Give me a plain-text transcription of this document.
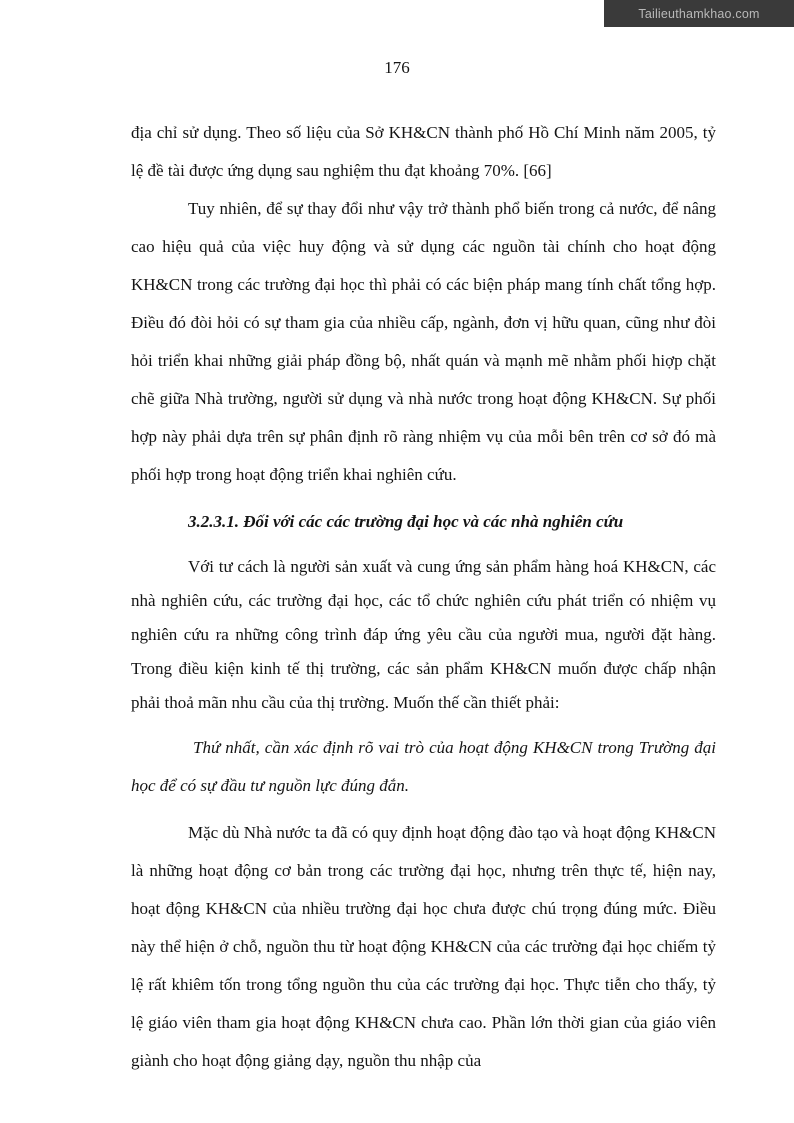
Tailieuthamkhao.com
176

địa chỉ sử dụng. Theo số liệu của Sở KH&CN thành phố Hồ Chí Minh năm 2005, tỷ lệ đề tài được ứng dụng sau nghiệm thu đạt khoảng 70%. [66]

Tuy nhiên, để sự thay đổi như vậy trở thành phổ biến trong cả nước, để nâng cao hiệu quả của việc huy động và sử dụng các nguồn tài chính cho hoạt động KH&CN trong các trường đại học thì phải có các biện pháp mang tính chất tổng hợp. Điều đó đòi hỏi có sự tham gia của nhiều cấp, ngành, đơn vị hữu quan, cũng như đòi hỏi triển khai những giải pháp đồng bộ, nhất quán và mạnh mẽ nhằm phối hiợp chặt chẽ giữa Nhà trường, người sử dụng và nhà nước trong hoạt động KH&CN. Sự phối hợp này phải dựa trên sự phân định rõ ràng nhiệm vụ của mỗi bên trên cơ sở đó mà phối hợp trong hoạt động triển khai nghiên cứu.

3.2.3.1. Đối với các các trường đại học và các nhà nghiên cứu

Với tư cách là người sản xuất và cung ứng sản phẩm hàng hoá KH&CN, các nhà nghiên cứu, các trường đại học, các tổ chức nghiên cứu phát triển có nhiệm vụ nghiên cứu ra những công trình đáp ứng yêu cầu của người mua, người đặt hàng. Trong điều kiện kinh tế thị trường, các sản phẩm KH&CN muốn được chấp nhận phải thoả mãn nhu cầu của thị trường. Muốn thế cần thiết phải:

Thứ nhất, cần xác định rõ vai trò của hoạt động KH&CN trong Trường đại học để có sự đầu tư nguồn lực đúng đắn.

Mặc dù Nhà nước ta đã có quy định hoạt động đào tạo và hoạt động KH&CN là những hoạt động cơ bản trong các trường đại học, nhưng trên thực tế, hiện nay, hoạt động KH&CN của nhiều trường đại học chưa được chú trọng đúng mức. Điều này thể hiện ở chỗ, nguồn thu từ hoạt động KH&CN của các trường đại học chiếm tỷ lệ rất khiêm tốn trong tổng nguồn thu của các trường đại học. Thực tiễn cho thấy, tỷ lệ giáo viên tham gia hoạt động KH&CN chưa cao. Phần lớn thời gian của giáo viên giành cho hoạt động giảng dạy, nguồn thu nhập của
